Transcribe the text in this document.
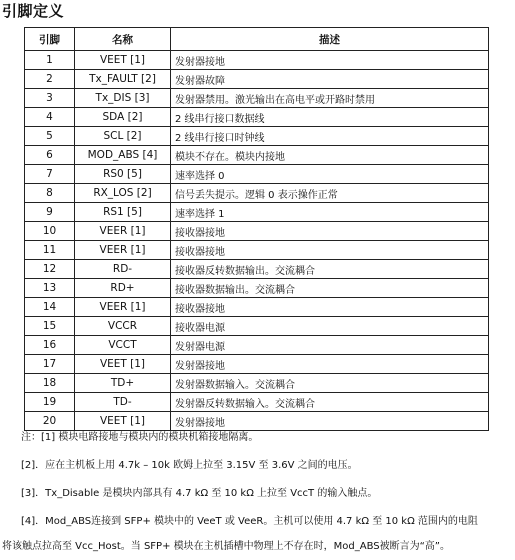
引脚定义
引脚	名称	描述
1	VEET [1]	发射器接地
2	Tx_FAULT [2]	发射器故障
3	Tx_DIS [3]	发射器禁用。激光输出在高电平或开路时禁用
4	SDA [2]	2 线串行接口数据线
5	SCL [2]	2 线串行接口时钟线
6	MOD_ABS [4]	模块不存在。模块内接地
7	RS0 [5]	速率选择 0
8	RX_LOS [2]	信号丢失提示。逻辑 0 表示操作正常
9	RS1 [5]	速率选择 1
10	VEER [1]	接收器接地
11	VEER [1]	接收器接地
12	RD-	接收器反转数据输出。交流耦合
13	RD+	接收器数据输出。交流耦合
14	VEER [1]	接收器接地
15	VCCR	接收器电源
16	VCCT	发射器电源
17	VEET [1]	发射器接地
18	TD+	发射器数据输入。交流耦合
19	TD-	发射器反转数据输入。交流耦合
20	VEET [1]	发射器接地
注：[1] 模块电路接地与模块内的模块机箱接地隔离。
[2]．应在主机板上用 4.7k – 10k 欧姆上拉至 3.15V 至 3.6V 之间的电压。
[3]．Tx_Disable 是模块内部具有 4.7 kΩ 至 10 kΩ 上拉至 VccT 的输入触点。
[4]．Mod_ABS连接到 SFP+ 模块中的 VeeT 或 VeeR。主机可以使用 4.7 kΩ 至 10 kΩ 范围内的电阻
将该触点拉高至 Vcc_Host。当 SFP+ 模块在主机插槽中物理上不存在时，Mod_ABS被断言为“高”。
